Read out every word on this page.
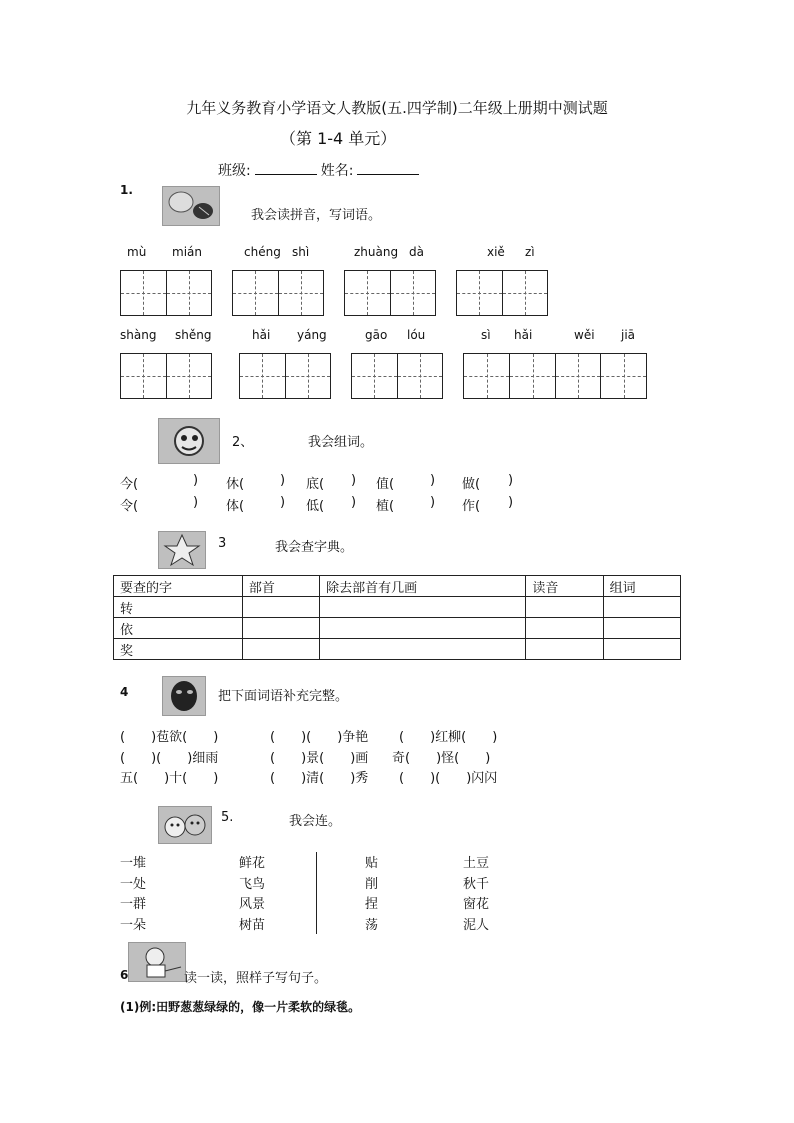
九年义务教育小学语文人教版(五.四学制)二年级上册期中测试题
（第 1-4 单元）
班级:	姓名:
1.
我会读拼音，写词语。
mù mián	chéng shì	zhuàng dà	xiě zì
shàng shěng	hǎi yáng	gāo lóu	sì hǎi	wěi jiā
2、	我会组词。
今(	) 休(	) 底( ) 值(	) 做( )
令(	) 体(	) 低( ) 植(	) 作( )
3	我会查字典。
要查的字	部首	除去部首有几画	读音	组词
转				
依				
奖				
4	把下面词语补充完整。
(　　)苞欲(　　)	(　　)(　　)争艳 (　　)红柳(　　)
(　　)(　　)细雨	(　　)景(　　)画 奇(　　)怪(　　)
五(　　)十(　　)	(　　)清(　　)秀 (　　)(　　)闪闪
5.	我会连。
一堆
一处
一群
一朵
鲜花
飞鸟
风景
树苗
贴
削
捏
荡
土豆
秋千
窗花
泥人
6	读一读，照样子写句子。
(1)例:田野葱葱绿绿的，像一片柔软的绿毯。
